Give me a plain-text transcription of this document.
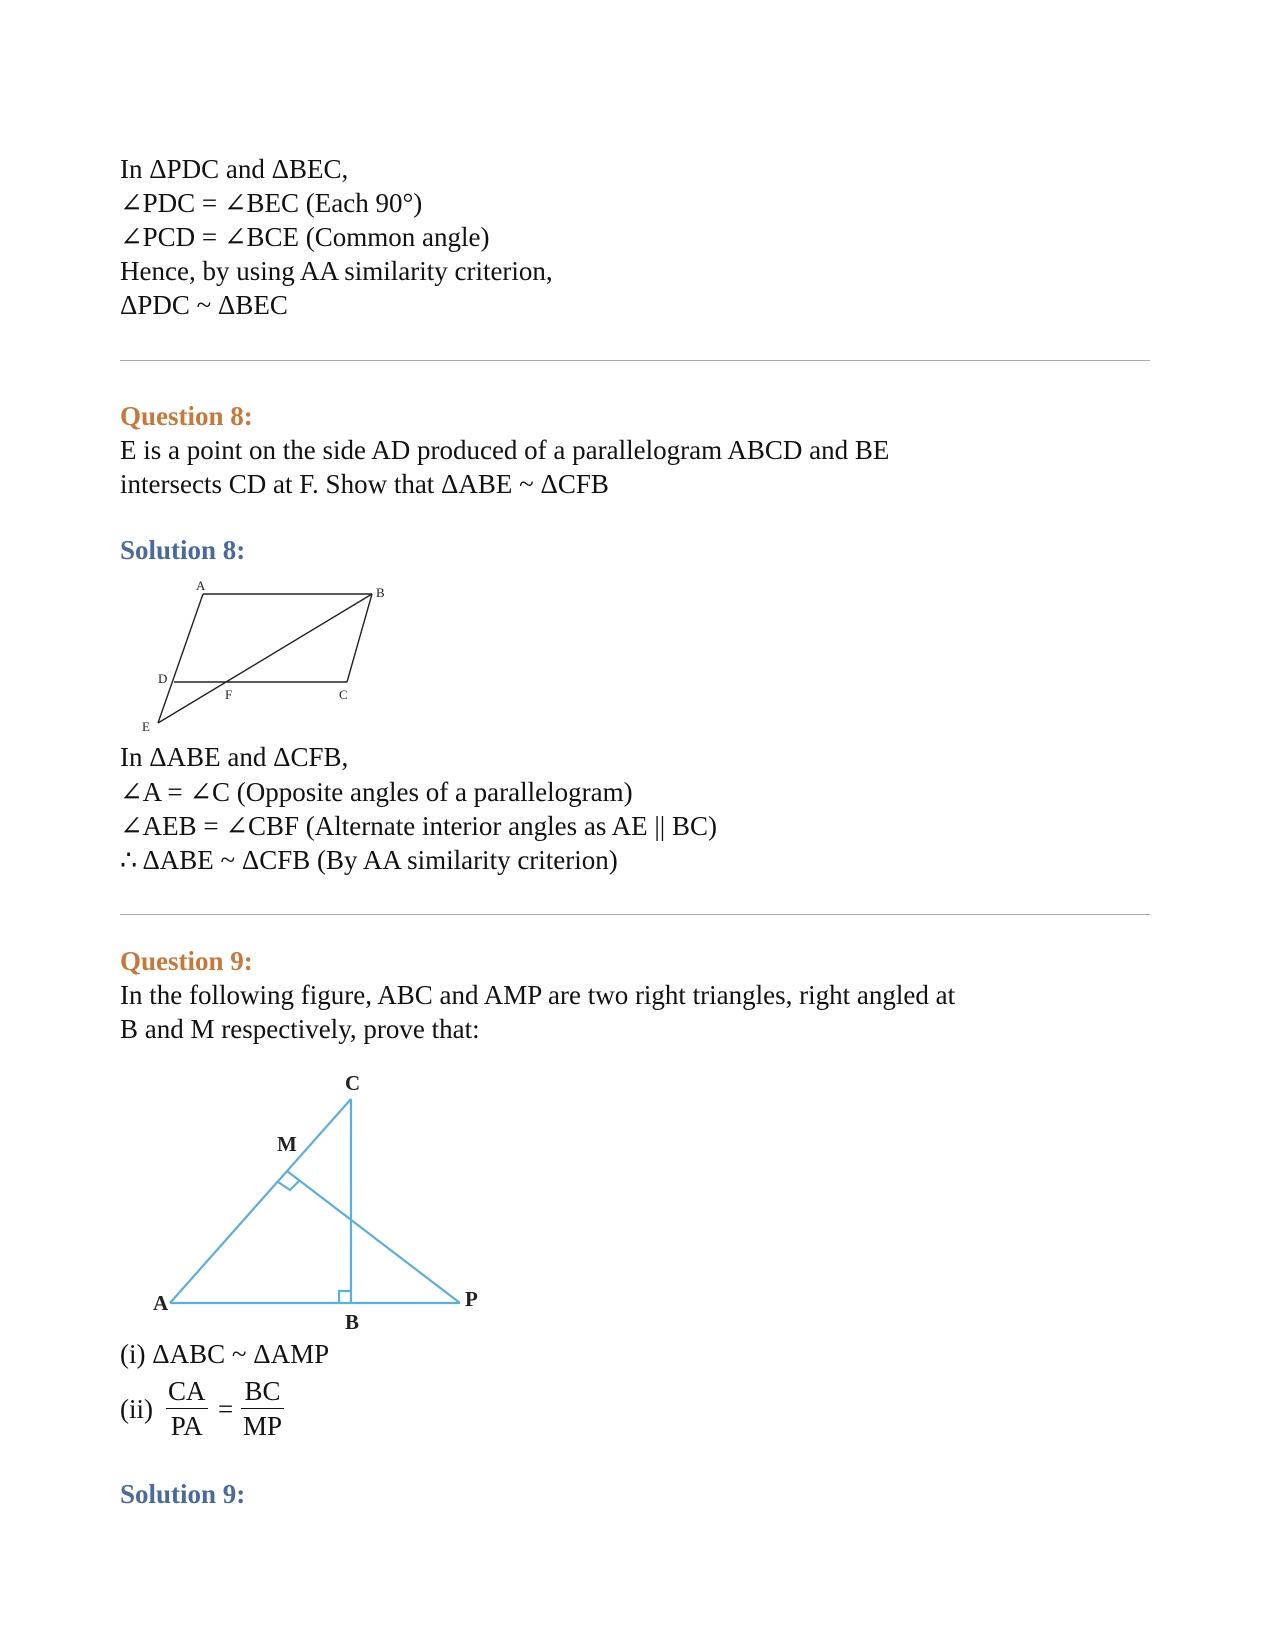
In ΔPDC and ΔBEC,
∠PDC = ∠BEC (Each 90°)
∠PCD = ∠BCE (Common angle)
Hence, by using AA similarity criterion,
ΔPDC ~ ΔBEC
Question 8:
E is a point on the side AD produced of a parallelogram ABCD and BE
intersects CD at F. Show that ΔABE ~ ΔCFB
Solution 8:
A	B
C
D
E
F
In ΔABE and ΔCFB,
∠A = ∠C (Opposite angles of a parallelogram)
∠AEB = ∠CBF (Alternate interior angles as AE || BC)
∴ ΔABE ~ ΔCFB (By AA similarity criterion)
Question 9:
In the following figure, ABC and AMP are two right triangles, right angled at
B and M respectively, prove that:
C
M
A	P
B
(i) ΔABC ~ ΔAMP
$(ii) \frac{CA}{PA} = \frac{BC}{MP}$
Solution 9:
